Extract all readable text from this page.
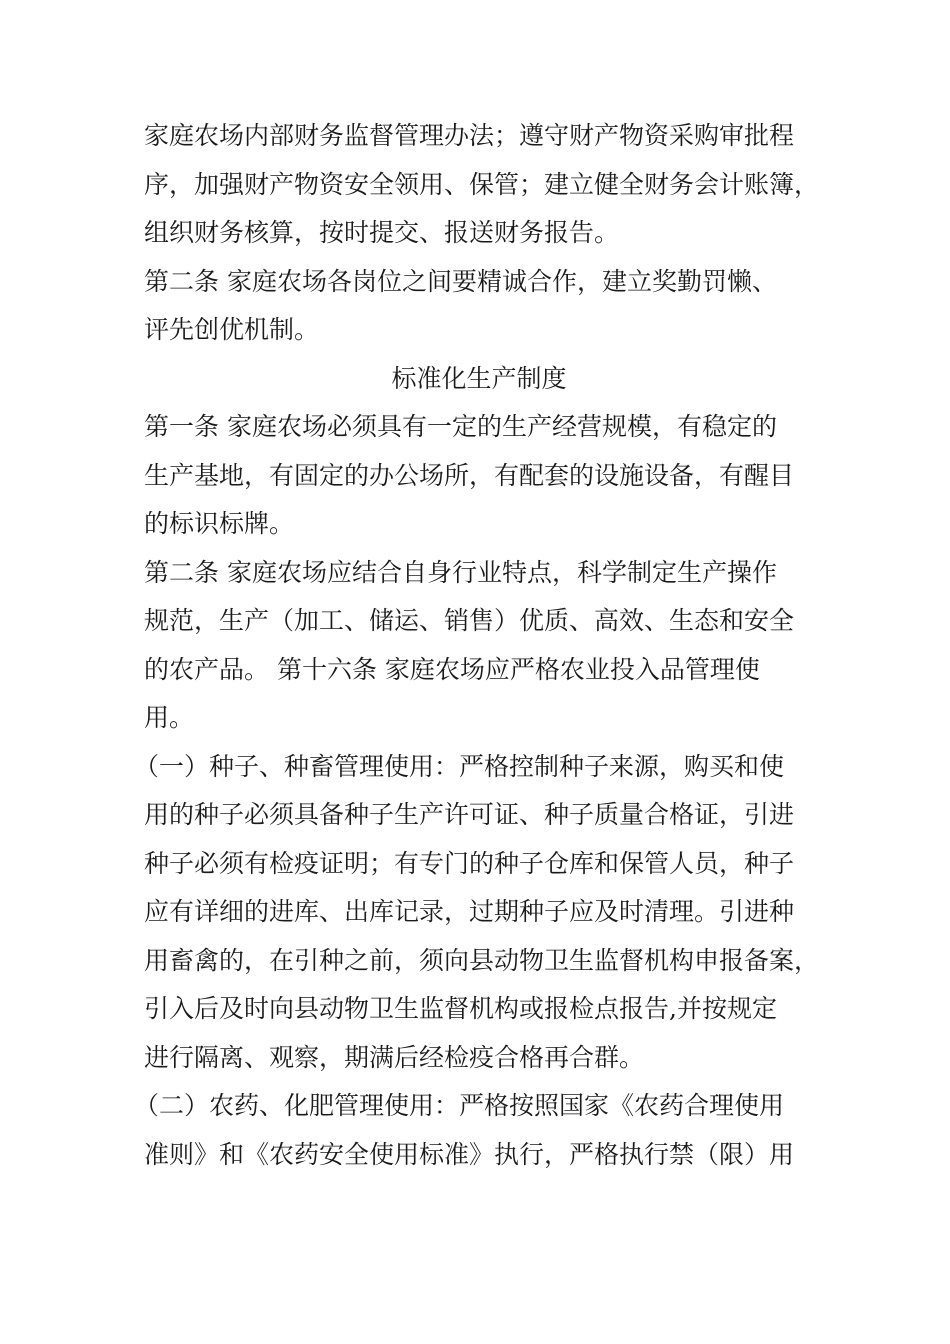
家庭农场内部财务监督管理办法；遵守财产物资采购审批程
序，加强财产物资安全领用、保管；建立健全财务会计账簿，
组织财务核算，按时提交、报送财务报告。
第二条 家庭农场各岗位之间要精诚合作，建立奖勤罚懒、
评先创优机制。
标准化生产制度
第一条 家庭农场必须具有一定的生产经营规模，有稳定的
生产基地，有固定的办公场所，有配套的设施设备，有醒目
的标识标牌。
第二条 家庭农场应结合自身行业特点，科学制定生产操作
规范，生产（加工、储运、销售）优质、高效、生态和安全
的农产品。 第十六条 家庭农场应严格农业投入品管理使
用。
（一）种子、种畜管理使用：严格控制种子来源，购买和使
用的种子必须具备种子生产许可证、种子质量合格证，引进
种子必须有检疫证明；有专门的种子仓库和保管人员，种子
应有详细的进库、出库记录，过期种子应及时清理。引进种
用畜禽的，在引种之前，须向县动物卫生监督机构申报备案，
引入后及时向县动物卫生监督机构或报检点报告,并按规定
进行隔离、观察，期满后经检疫合格再合群。
（二）农药、化肥管理使用：严格按照国家《农药合理使用
准则》和《农药安全使用标准》执行，严格执行禁（限）用
